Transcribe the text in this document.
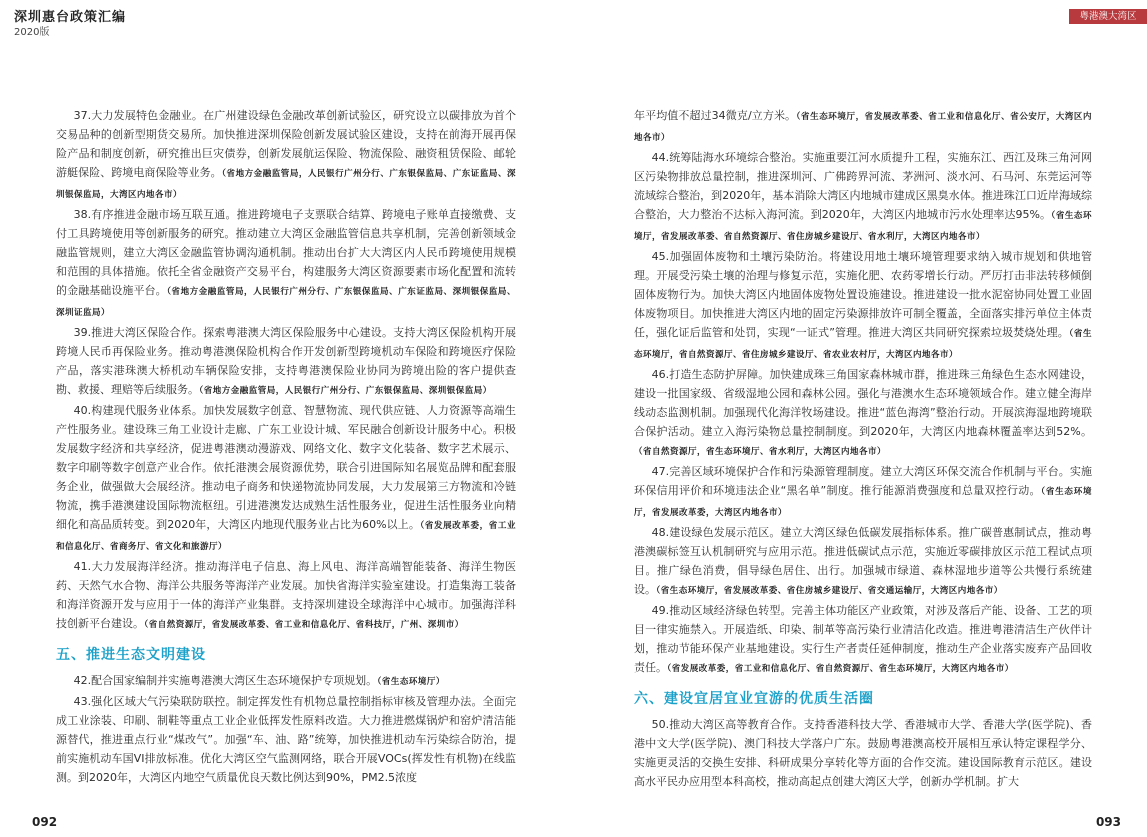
深圳惠台政策汇编
2020版
粤港澳大湾区

37.大力发展特色金融业。在广州建设绿色金融改革创新试验区，研究设立以碳排放为首个交易品种的创新型期货交易所。加快推进深圳保险创新发展试验区建设，支持在前海开展再保险产品和制度创新，研究推出巨灾债券，创新发展航运保险、物流保险、融资租赁保险、邮轮游艇保险、跨境电商保险等业务。（省地方金融监管局，人民银行广州分行、广东银保监局、广东证监局、深圳银保监局，大湾区内地各市）

38.有序推进金融市场互联互通。推进跨境电子支票联合结算、跨境电子账单直接缴费、支付工具跨境使用等创新服务的研究。推动建立大湾区金融监管信息共享机制，完善创新领域金融监管规则，建立大湾区金融监管协调沟通机制。推动出台扩大大湾区内人民币跨境使用规模和范围的具体措施。依托全省金融资产交易平台，构建服务大湾区资源要素市场化配置和流转的金融基础设施平台。（省地方金融监管局，人民银行广州分行、广东银保监局、广东证监局、深圳银保监局、深圳证监局）

39.推进大湾区保险合作。探索粤港澳大湾区保险服务中心建设。支持大湾区保险机构开展跨境人民币再保险业务。推动粤港澳保险机构合作开发创新型跨境机动车保险和跨境医疗保险产品，落实港珠澳大桥机动车辆保险安排，支持粤港澳保险业协同为跨境出险的客户提供查勘、救援、理赔等后续服务。（省地方金融监管局，人民银行广州分行、广东银保监局、深圳银保监局）

40.构建现代服务业体系。加快发展数字创意、智慧物流、现代供应链、人力资源等高端生产性服务业。建设珠三角工业设计走廊、广东工业设计城、军民融合创新设计服务中心。积极发展数字经济和共享经济，促进粤港澳动漫游戏、网络文化、数字文化装备、数字艺术展示、数字印刷等数字创意产业合作。依托港澳会展资源优势，联合引进国际知名展览品牌和配套服务企业，做强做大会展经济。推动电子商务和快递物流协同发展，大力发展第三方物流和冷链物流，携手港澳建设国际物流枢纽。引进港澳发达成熟生活性服务业，促进生活性服务业向精细化和高品质转变。到2020年，大湾区内地现代服务业占比为60%以上。（省发展改革委，省工业和信息化厅、省商务厅、省文化和旅游厅）

41.大力发展海洋经济。推动海洋电子信息、海上风电、海洋高端智能装备、海洋生物医药、天然气水合物、海洋公共服务等海洋产业发展。加快省海洋实验室建设。打造集海工装备和海洋资源开发与应用于一体的海洋产业集群。支持深圳建设全球海洋中心城市。加强海洋科技创新平台建设。（省自然资源厅，省发展改革委、省工业和信息化厅、省科技厅，广州、深圳市）

五、推进生态文明建设

42.配合国家编制并实施粤港澳大湾区生态环境保护专项规划。（省生态环境厅）

43.强化区域大气污染联防联控。制定挥发性有机物总量控制指标审核及管理办法。全面完成工业涂装、印刷、制鞋等重点工业企业低挥发性原料改造。大力推进燃煤锅炉和窑炉清洁能源替代，推进重点行业“煤改气”。加强“车、油、路”统筹，加快推进机动车污染综合防治，提前实施机动车国VI排放标准。优化大湾区空气监测网络，联合开展VOCs(挥发性有机物)在线监测。到2020年，大湾区内地空气质量优良天数比例达到90%，PM2.5浓度

年平均值不超过34微克/立方米。（省生态环境厅，省发展改革委、省工业和信息化厅、省公安厅，大湾区内地各市）

44.统筹陆海水环境综合整治。实施重要江河水质提升工程，实施东江、西江及珠三角河网区污染物排放总量控制，推进深圳河、广佛跨界河流、茅洲河、淡水河、石马河、东莞运河等流域综合整治，到2020年，基本消除大湾区内地城市建成区黑臭水体。推进珠江口近岸海域综合整治，大力整治不达标入海河流。到2020年，大湾区内地城市污水处理率达95%。（省生态环境厅，省发展改革委、省自然资源厅、省住房城乡建设厅、省水利厅，大湾区内地各市）

45.加强固体废物和土壤污染防治。将建设用地土壤环境管理要求纳入城市规划和供地管理。开展受污染土壤的治理与修复示范，实施化肥、农药零增长行动。严厉打击非法转移倾倒固体废物行为。加快大湾区内地固体废物处置设施建设。推进建设一批水泥窑协同处置工业固体废物项目。加快推进大湾区内地的固定污染源排放许可制全覆盖，全面落实排污单位主体责任，强化证后监管和处罚，实现“一证式”管理。推进大湾区共同研究探索垃圾焚烧处理。（省生态环境厅，省自然资源厅、省住房城乡建设厅、省农业农村厅，大湾区内地各市）

46.打造生态防护屏障。加快建成珠三角国家森林城市群，推进珠三角绿色生态水网建设，建设一批国家级、省级湿地公园和森林公园。强化与港澳水生态环境领域合作。建立健全海岸线动态监测机制。加强现代化海洋牧场建设。推进“蓝色海湾”整治行动。开展滨海湿地跨境联合保护活动。建立入海污染物总量控制制度。到2020年，大湾区内地森林覆盖率达到52%。（省自然资源厅，省生态环境厅、省水利厅，大湾区内地各市）

47.完善区域环境保护合作和污染源管理制度。建立大湾区环保交流合作机制与平台。实施环保信用评价和环境违法企业“黑名单”制度。推行能源消费强度和总量双控行动。（省生态环境厅，省发展改革委，大湾区内地各市）

48.建设绿色发展示范区。建立大湾区绿色低碳发展指标体系。推广碳普惠制试点，推动粤港澳碳标签互认机制研究与应用示范。推进低碳试点示范，实施近零碳排放区示范工程试点项目。推广绿色消费，倡导绿色居住、出行。加强城市绿道、森林湿地步道等公共慢行系统建设。（省生态环境厅，省发展改革委、省住房城乡建设厅、省交通运输厅，大湾区内地各市）

49.推动区域经济绿色转型。完善主体功能区产业政策，对涉及落后产能、设备、工艺的项目一律实施禁入。开展造纸、印染、制革等高污染行业清洁化改造。推进粤港清洁生产伙伴计划，推动节能环保产业基地建设。实行生产者责任延伸制度，推动生产企业落实废弃产品回收责任。（省发展改革委，省工业和信息化厅、省自然资源厅、省生态环境厅，大湾区内地各市）

六、建设宜居宜业宜游的优质生活圈

50.推动大湾区高等教育合作。支持香港科技大学、香港城市大学、香港大学(医学院)、香港中文大学(医学院)、澳门科技大学落户广东。鼓励粤港澳高校开展相互承认特定课程学分、实施更灵活的交换生安排、科研成果分享转化等方面的合作交流。建设国际教育示范区。建设高水平民办应用型本科高校，推动高起点创建大湾区大学，创新办学机制。扩大

092	093
